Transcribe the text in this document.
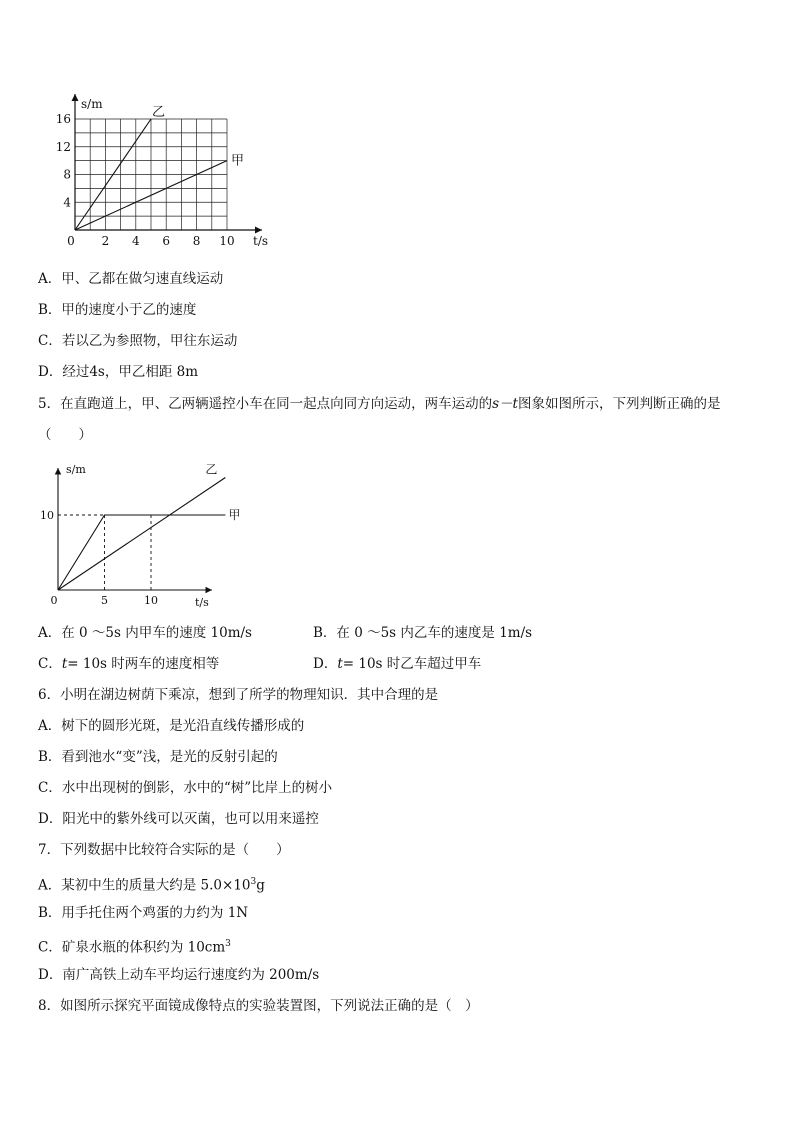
0 2 4 6 8 10
4
8
12
16
s/m
t/s
乙
甲
A．甲、乙都在做匀速直线运动
B．甲的速度小于乙的速度
C．若以乙为参照物，甲往东运动
D．经过4s，甲乙相距 8m
5．在直跑道上，甲、乙两辆遥控小车在同一起点向同方向运动，两车运动的s－t图象如图所示，下列判断正确的是
（　　）
甲
乙
0	5	10
10
s/m
t/s
A．在 0 ～5s 内甲车的速度 10m/s	B．在 0 ～5s 内乙车的速度是 1m/s
C．t= 10s 时两车的速度相等	D．t= 10s 时乙车超过甲车
6．小明在湖边树荫下乘凉，想到了所学的物理知识．其中合理的是
A．树下的圆形光斑，是光沿直线传播形成的
B．看到池水“变”浅，是光的反射引起的
C．水中出现树的倒影，水中的“树”比岸上的树小
D．阳光中的紫外线可以灭菌，也可以用来遥控
7．下列数据中比较符合实际的是（　　）
A．某初中生的质量大约是 $5.0\times 10^3g$
B．用手托住两个鸡蛋的力约为 1N
C．矿泉水瓶的体积约为 $10cm^3$
D．南广高铁上动车平均运行速度约为 200m/s
8．如图所示探究平面镜成像特点的实验装置图，下列说法正确的是（　）
